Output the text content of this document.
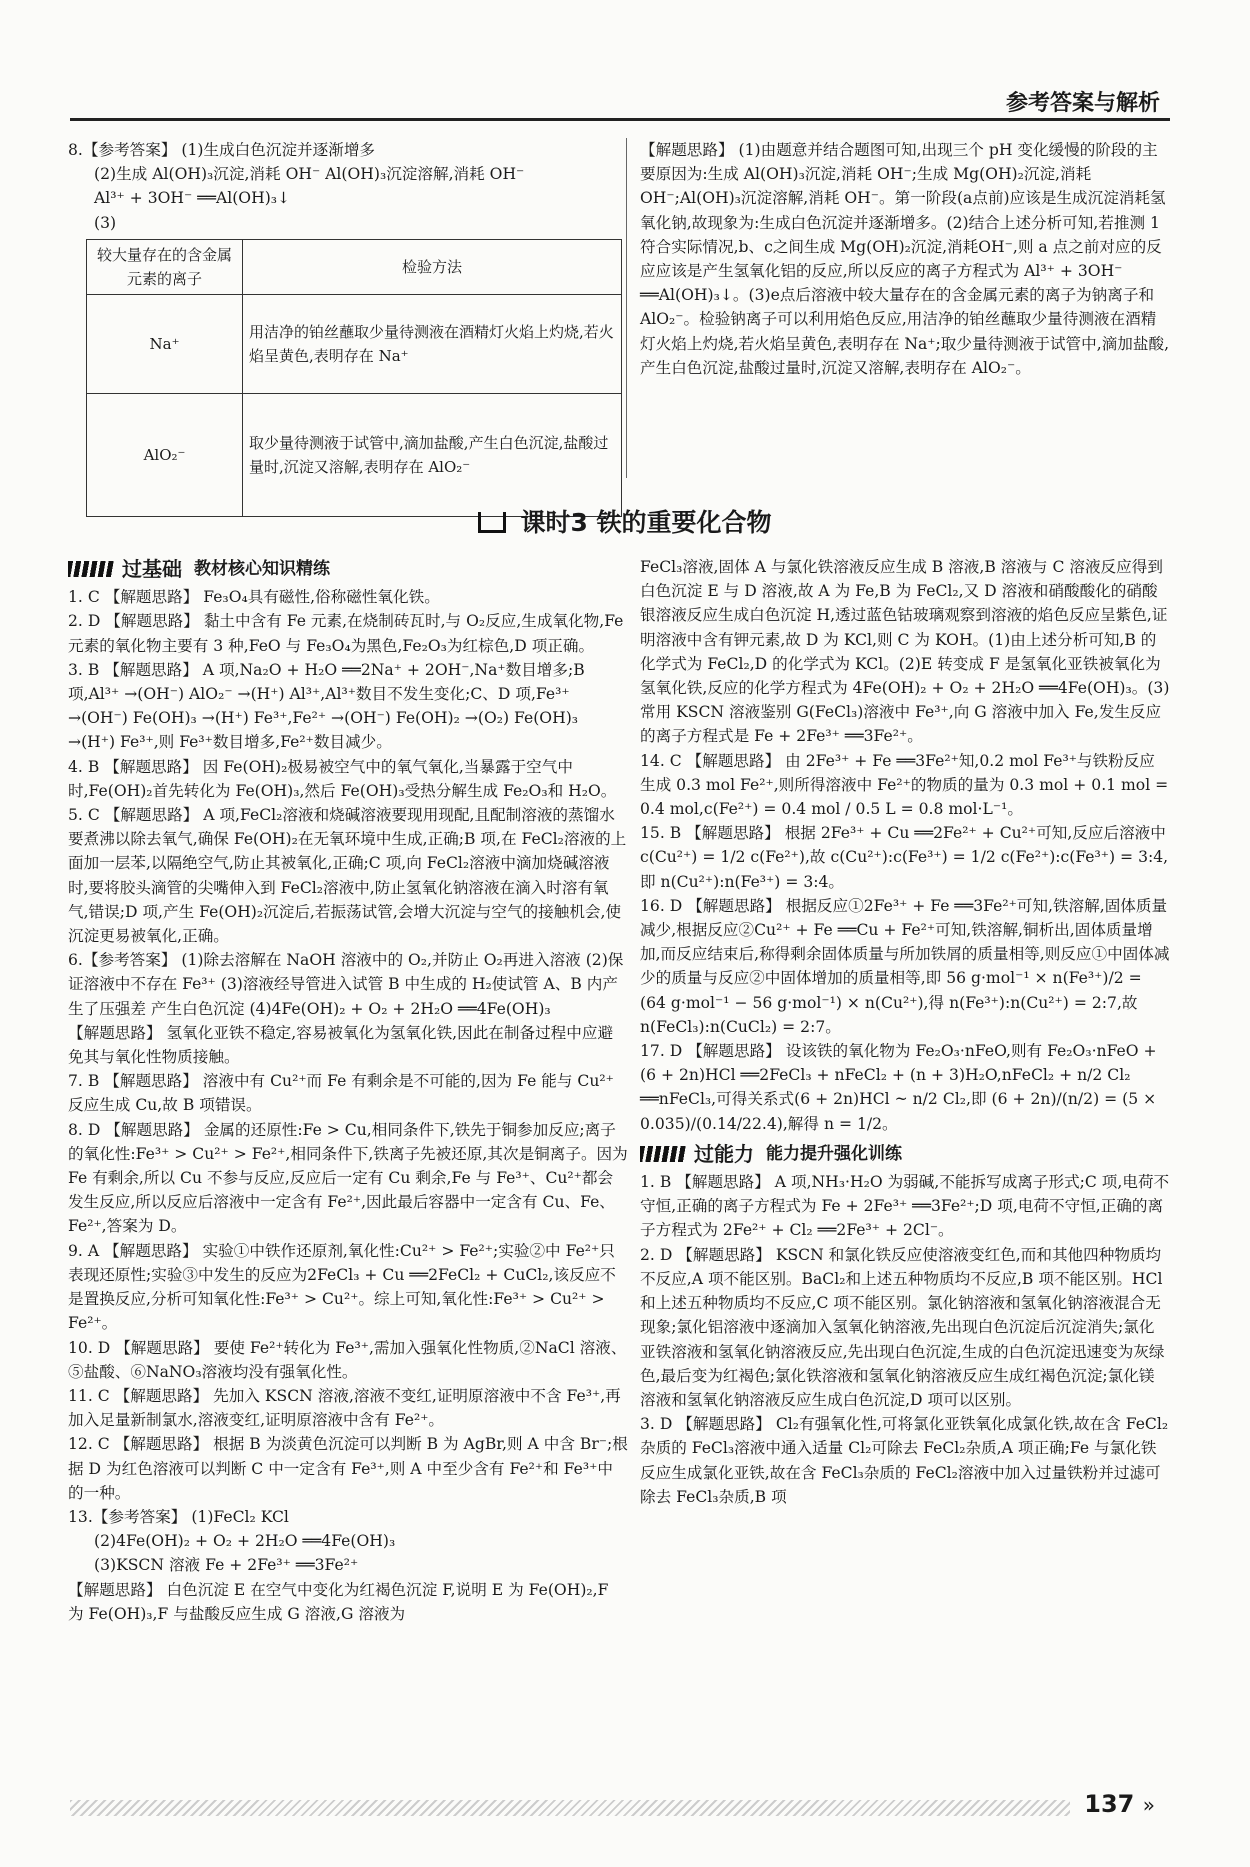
参考答案与解析

8.【参考答案】 (1)生成白色沉淀并逐渐增多

(2)生成 Al(OH)₃沉淀,消耗 OH⁻ Al(OH)₃沉淀溶解,消耗 OH⁻

Al³⁺ + 3OH⁻ ══Al(OH)₃↓

(3)

较大量存在的含金属元素的离子	检验方法
Na⁺	用洁净的铂丝蘸取少量待测液在酒精灯火焰上灼烧,若火焰呈黄色,表明存在 Na⁺
AlO₂⁻	取少量待测液于试管中,滴加盐酸,产生白色沉淀,盐酸过量时,沉淀又溶解,表明存在 AlO₂⁻

【解题思路】 (1)由题意并结合题图可知,出现三个 pH 变化缓慢的阶段的主要原因为:生成 Al(OH)₃沉淀,消耗 OH⁻;生成 Mg(OH)₂沉淀,消耗 OH⁻;Al(OH)₃沉淀溶解,消耗 OH⁻。第一阶段(a点前)应该是生成沉淀消耗氢氧化钠,故现象为:生成白色沉淀并逐渐增多。(2)结合上述分析可知,若推测 1 符合实际情况,b、c之间生成 Mg(OH)₂沉淀,消耗OH⁻,则 a 点之前对应的反应应该是产生氢氧化铝的反应,所以反应的离子方程式为 Al³⁺ + 3OH⁻ ══Al(OH)₃↓。(3)e点后溶液中较大量存在的含金属元素的离子为钠离子和 AlO₂⁻。检验钠离子可以利用焰色反应,用洁净的铂丝蘸取少量待测液在酒精灯火焰上灼烧,若火焰呈黄色,表明存在 Na⁺;取少量待测液于试管中,滴加盐酸,产生白色沉淀,盐酸过量时,沉淀又溶解,表明存在 AlO₂⁻。

课时3 铁的重要化合物
过基础 教材核心知识精练

1. C 【解题思路】 Fe₃O₄具有磁性,俗称磁性氧化铁。

2. D 【解题思路】 黏土中含有 Fe 元素,在烧制砖瓦时,与 O₂反应,生成氧化物,Fe 元素的氧化物主要有 3 种,FeO 与 Fe₃O₄为黑色,Fe₂O₃为红棕色,D 项正确。

3. B 【解题思路】 A 项,Na₂O + H₂O ══2Na⁺ + 2OH⁻,Na⁺数目增多;B 项,Al³⁺ →(OH⁻) AlO₂⁻ →(H⁺) Al³⁺,Al³⁺数目不发生变化;C、D 项,Fe³⁺ →(OH⁻) Fe(OH)₃ →(H⁺) Fe³⁺,Fe²⁺ →(OH⁻) Fe(OH)₂ →(O₂) Fe(OH)₃ →(H⁺) Fe³⁺,则 Fe³⁺数目增多,Fe²⁺数目减少。

4. B 【解题思路】 因 Fe(OH)₂极易被空气中的氧气氧化,当暴露于空气中时,Fe(OH)₂首先转化为 Fe(OH)₃,然后 Fe(OH)₃受热分解生成 Fe₂O₃和 H₂O。

5. C 【解题思路】 A 项,FeCl₂溶液和烧碱溶液要现用现配,且配制溶液的蒸馏水要煮沸以除去氧气,确保 Fe(OH)₂在无氧环境中生成,正确;B 项,在 FeCl₂溶液的上面加一层苯,以隔绝空气,防止其被氧化,正确;C 项,向 FeCl₂溶液中滴加烧碱溶液时,要将胶头滴管的尖嘴伸入到 FeCl₂溶液中,防止氢氧化钠溶液在滴入时溶有氧气,错误;D 项,产生 Fe(OH)₂沉淀后,若振荡试管,会增大沉淀与空气的接触机会,使沉淀更易被氧化,正确。

6.【参考答案】 (1)除去溶解在 NaOH 溶液中的 O₂,并防止 O₂再进入溶液 (2)保证溶液中不存在 Fe³⁺ (3)溶液经导管进入试管 B 中生成的 H₂使试管 A、B 内产生了压强差 产生白色沉淀 (4)4Fe(OH)₂ + O₂ + 2H₂O ══4Fe(OH)₃

【解题思路】 氢氧化亚铁不稳定,容易被氧化为氢氧化铁,因此在制备过程中应避免其与氧化性物质接触。

7. B 【解题思路】 溶液中有 Cu²⁺而 Fe 有剩余是不可能的,因为 Fe 能与 Cu²⁺反应生成 Cu,故 B 项错误。

8. D 【解题思路】 金属的还原性:Fe > Cu,相同条件下,铁先于铜参加反应;离子的氧化性:Fe³⁺ > Cu²⁺ > Fe²⁺,相同条件下,铁离子先被还原,其次是铜离子。因为 Fe 有剩余,所以 Cu 不参与反应,反应后一定有 Cu 剩余,Fe 与 Fe³⁺、Cu²⁺都会发生反应,所以反应后溶液中一定含有 Fe²⁺,因此最后容器中一定含有 Cu、Fe、Fe²⁺,答案为 D。

9. A 【解题思路】 实验①中铁作还原剂,氧化性:Cu²⁺ > Fe²⁺;实验②中 Fe²⁺只表现还原性;实验③中发生的反应为2FeCl₃ + Cu ══2FeCl₂ + CuCl₂,该反应不是置换反应,分析可知氧化性:Fe³⁺ > Cu²⁺。综上可知,氧化性:Fe³⁺ > Cu²⁺ > Fe²⁺。

10. D 【解题思路】 要使 Fe²⁺转化为 Fe³⁺,需加入强氧化性物质,②NaCl 溶液、⑤盐酸、⑥NaNO₃溶液均没有强氧化性。

11. C 【解题思路】 先加入 KSCN 溶液,溶液不变红,证明原溶液中不含 Fe³⁺,再加入足量新制氯水,溶液变红,证明原溶液中含有 Fe²⁺。

12. C 【解题思路】 根据 B 为淡黄色沉淀可以判断 B 为 AgBr,则 A 中含 Br⁻;根据 D 为红色溶液可以判断 C 中一定含有 Fe³⁺,则 A 中至少含有 Fe²⁺和 Fe³⁺中的一种。

13.【参考答案】 (1)FeCl₂ KCl

(2)4Fe(OH)₂ + O₂ + 2H₂O ══4Fe(OH)₃

(3)KSCN 溶液 Fe + 2Fe³⁺ ══3Fe²⁺

【解题思路】 白色沉淀 E 在空气中变化为红褐色沉淀 F,说明 E 为 Fe(OH)₂,F 为 Fe(OH)₃,F 与盐酸反应生成 G 溶液,G 溶液为

FeCl₃溶液,固体 A 与氯化铁溶液反应生成 B 溶液,B 溶液与 C 溶液反应得到白色沉淀 E 与 D 溶液,故 A 为 Fe,B 为 FeCl₂,又 D 溶液和硝酸酸化的硝酸银溶液反应生成白色沉淀 H,透过蓝色钴玻璃观察到溶液的焰色反应呈紫色,证明溶液中含有钾元素,故 D 为 KCl,则 C 为 KOH。(1)由上述分析可知,B 的化学式为 FeCl₂,D 的化学式为 KCl。(2)E 转变成 F 是氢氧化亚铁被氧化为氢氧化铁,反应的化学方程式为 4Fe(OH)₂ + O₂ + 2H₂O ══4Fe(OH)₃。(3)常用 KSCN 溶液鉴别 G(FeCl₃)溶液中 Fe³⁺,向 G 溶液中加入 Fe,发生反应的离子方程式是 Fe + 2Fe³⁺ ══3Fe²⁺。

14. C 【解题思路】 由 2Fe³⁺ + Fe ══3Fe²⁺知,0.2 mol Fe³⁺与铁粉反应生成 0.3 mol Fe²⁺,则所得溶液中 Fe²⁺的物质的量为 0.3 mol + 0.1 mol = 0.4 mol,c(Fe²⁺) = 0.4 mol / 0.5 L = 0.8 mol·L⁻¹。

15. B 【解题思路】 根据 2Fe³⁺ + Cu ══2Fe²⁺ + Cu²⁺可知,反应后溶液中 c(Cu²⁺) = 1/2 c(Fe²⁺),故 c(Cu²⁺):c(Fe³⁺) = 1/2 c(Fe²⁺):c(Fe³⁺) = 3:4,即 n(Cu²⁺):n(Fe³⁺) = 3:4。

16. D 【解题思路】 根据反应①2Fe³⁺ + Fe ══3Fe²⁺可知,铁溶解,固体质量减少,根据反应②Cu²⁺ + Fe ══Cu + Fe²⁺可知,铁溶解,铜析出,固体质量增加,而反应结束后,称得剩余固体质量与所加铁屑的质量相等,则反应①中固体减少的质量与反应②中固体增加的质量相等,即 56 g·mol⁻¹ × n(Fe³⁺)/2 = (64 g·mol⁻¹ − 56 g·mol⁻¹) × n(Cu²⁺),得 n(Fe³⁺):n(Cu²⁺) = 2:7,故 n(FeCl₃):n(CuCl₂) = 2:7。

17. D 【解题思路】 设该铁的氧化物为 Fe₂O₃·nFeO,则有 Fe₂O₃·nFeO + (6 + 2n)HCl ══2FeCl₃ + nFeCl₂ + (n + 3)H₂O,nFeCl₂ + n/2 Cl₂ ══nFeCl₃,可得关系式(6 + 2n)HCl ~ n/2 Cl₂,即 (6 + 2n)/(n/2) = (5 × 0.035)/(0.14/22.4),解得 n = 1/2。

过能力 能力提升强化训练

1. B 【解题思路】 A 项,NH₃·H₂O 为弱碱,不能拆写成离子形式;C 项,电荷不守恒,正确的离子方程式为 Fe + 2Fe³⁺ ══3Fe²⁺;D 项,电荷不守恒,正确的离子方程式为 2Fe²⁺ + Cl₂ ══2Fe³⁺ + 2Cl⁻。

2. D 【解题思路】 KSCN 和氯化铁反应使溶液变红色,而和其他四种物质均不反应,A 项不能区别。BaCl₂和上述五种物质均不反应,B 项不能区别。HCl 和上述五种物质均不反应,C 项不能区别。氯化钠溶液和氢氧化钠溶液混合无现象;氯化铝溶液中逐滴加入氢氧化钠溶液,先出现白色沉淀后沉淀消失;氯化亚铁溶液和氢氧化钠溶液反应,先出现白色沉淀,生成的白色沉淀迅速变为灰绿色,最后变为红褐色;氯化铁溶液和氢氧化钠溶液反应生成红褐色沉淀;氯化镁溶液和氢氧化钠溶液反应生成白色沉淀,D 项可以区别。

3. D 【解题思路】 Cl₂有强氧化性,可将氯化亚铁氧化成氯化铁,故在含 FeCl₂杂质的 FeCl₃溶液中通入适量 Cl₂可除去 FeCl₂杂质,A 项正确;Fe 与氯化铁反应生成氯化亚铁,故在含 FeCl₃杂质的 FeCl₂溶液中加入过量铁粉并过滤可除去 FeCl₃杂质,B 项

137 »
